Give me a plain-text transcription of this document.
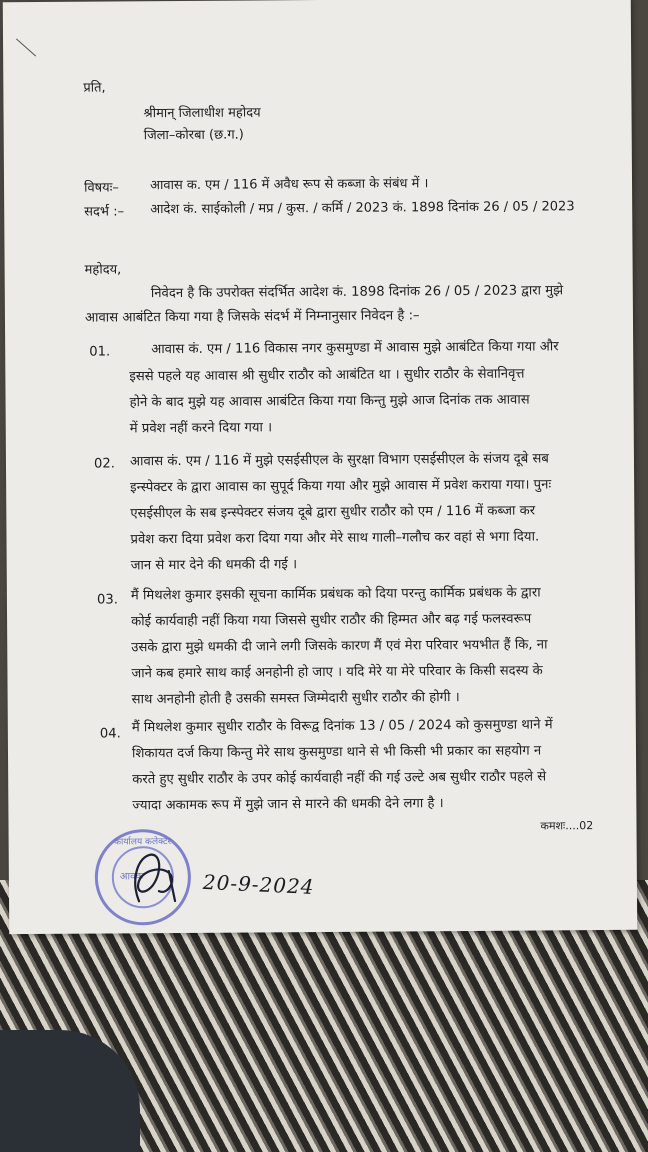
प्रति,
श्रीमान् जिलाधीश महोदय
जिला–कोरबा (छ.ग.)
विषयः– आवास क. एम / 116 में अवैध रूप से कब्जा के संबंध में ।
सदर्भ :– आदेश कं. साईकोली / मप्र / कुस. / कर्मि / 2023 कं. 1898 दिनांक 26 / 05 / 2023
महोदय,
निवेदन है कि उपरोक्त संदर्भित आदेश कं. 1898 दिनांक 26 / 05 / 2023 द्वारा मुझे
आवास आबंटित किया गया है जिसके संदर्भ में निम्नानुसार निवेदन है :–
01.	आवास कं. एम / 116 विकास नगर कुसमुण्डा में आवास मुझे आबंटित किया गया और
इससे पहले यह आवास श्री सुधीर राठौर को आबंटित था । सुधीर राठौर के सेवानिवृत्त
होने के बाद मुझे यह आवास आबंटित किया गया किन्तु मुझे आज दिनांक तक आवास
में प्रवेश नहीं करने दिया गया ।
02. आवास कं. एम / 116 में मुझे एसईसीएल के सुरक्षा विभाग एसईसीएल के संजय दूबे सब
इन्स्पेक्टर के द्वारा आवास का सुपूर्द किया गया और मुझे आवास में प्रवेश कराया गया। पुनः
एसईसीएल के सब इन्स्पेक्टर संजय दूबे द्वारा सुधीर राठौर को एम / 116 में कब्जा कर
प्रवेश करा दिया प्रवेश करा दिया गया और मेरे साथ गाली–गलौच कर वहां से भगा दिया.
जान से मार देने की धमकी दी गई ।
03. मैं मिथलेश कुमार इसकी सूचना कार्मिक प्रबंधक को दिया परन्तु कार्मिक प्रबंधक के द्वारा
कोई कार्यवाही नहीं किया गया जिससे सुधीर राठौर की हिम्मत और बढ़ गई फलस्वरूप
उसके द्वारा मुझे धमकी दी जाने लगी जिसके कारण मैं एवं मेरा परिवार भयभीत हैं कि, ना
जाने कब हमारे साथ काई अनहोनी हो जाए । यदि मेरे या मेरे परिवार के किसी सदस्य के
साथ अनहोनी होती है उसकी समस्त जिम्मेदारी सुधीर राठौर की होगी ।
04. मैं मिथलेश कुमार सुधीर राठौर के विरूद्व दिनांक 13 / 05 / 2024 को कुसमुण्डा थाने में
शिकायत दर्ज किया किन्तु मेरे साथ कुसमुण्डा थाने से भी किसी भी प्रकार का सहयोग न
करते हुए सुधीर राठौर के उपर कोई कार्यवाही नहीं की गई उल्टे अब सुधीर राठौर पहले से
ज्यादा अकामक रूप में मुझे जान से मारने की धमकी देने लगा है ।
कमशः....02
कार्यालय कलेक्टर
आवक	20-9-2024
